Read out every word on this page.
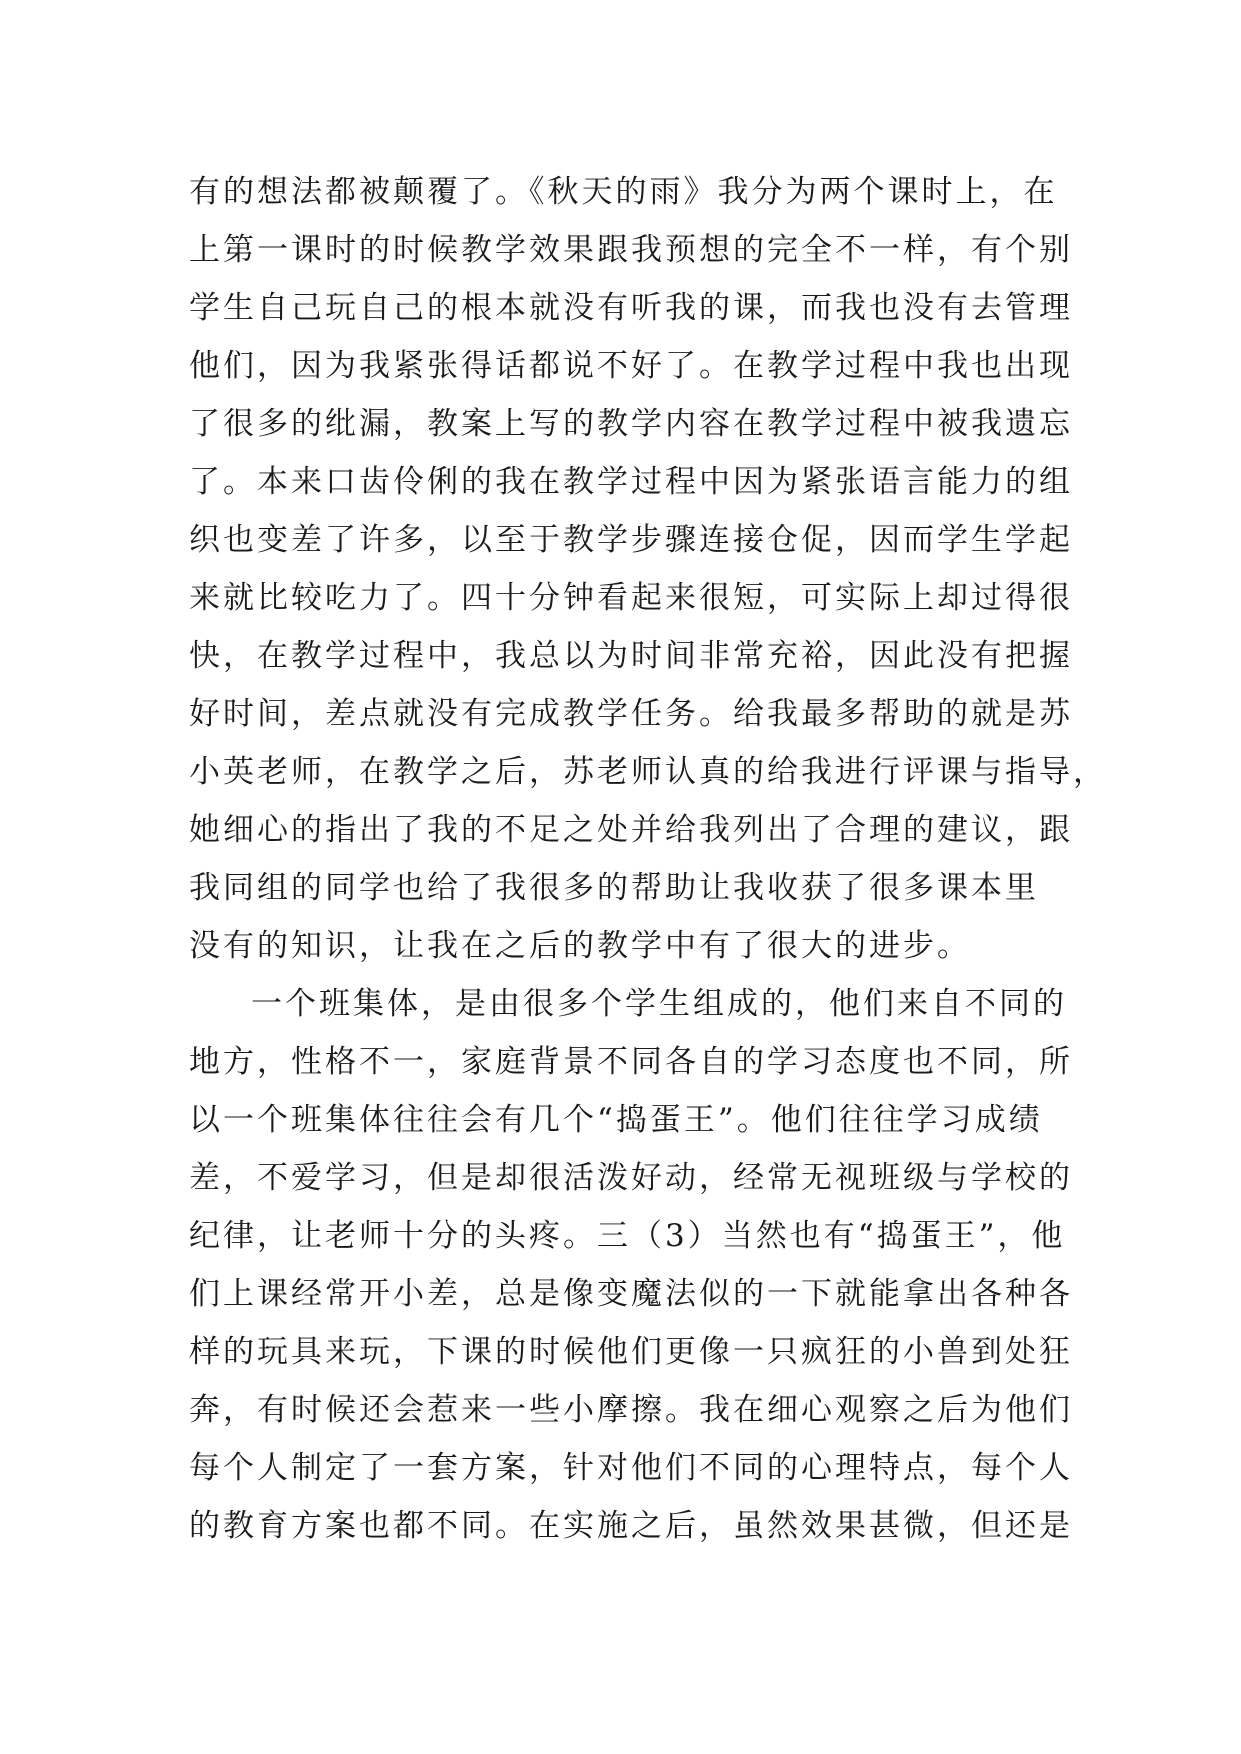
有的想法都被颠覆了。《秋天的雨》我分为两个课时上，在
上第一课时的时候教学效果跟我预想的完全不一样，有个别
学生自己玩自己的根本就没有听我的课，而我也没有去管理
他们，因为我紧张得话都说不好了。在教学过程中我也出现
了很多的纰漏，教案上写的教学内容在教学过程中被我遗忘
了。本来口齿伶俐的我在教学过程中因为紧张语言能力的组
织也变差了许多，以至于教学步骤连接仓促，因而学生学起
来就比较吃力了。四十分钟看起来很短，可实际上却过得很
快，在教学过程中，我总以为时间非常充裕，因此没有把握
好时间，差点就没有完成教学任务。给我最多帮助的就是苏
小英老师，在教学之后，苏老师认真的给我进行评课与指导，
她细心的指出了我的不足之处并给我列出了合理的建议，跟
我同组的同学也给了我很多的帮助让我收获了很多课本里
没有的知识，让我在之后的教学中有了很大的进步。
一个班集体，是由很多个学生组成的，他们来自不同的
地方，性格不一，家庭背景不同各自的学习态度也不同，所
以一个班集体往往会有几个“捣蛋王”。他们往往学习成绩
差，不爱学习，但是却很活泼好动，经常无视班级与学校的
纪律，让老师十分的头疼。三（3）当然也有“捣蛋王”，他
们上课经常开小差，总是像变魔法似的一下就能拿出各种各
样的玩具来玩，下课的时候他们更像一只疯狂的小兽到处狂
奔，有时候还会惹来一些小摩擦。我在细心观察之后为他们
每个人制定了一套方案，针对他们不同的心理特点，每个人
的教育方案也都不同。在实施之后，虽然效果甚微，但还是
